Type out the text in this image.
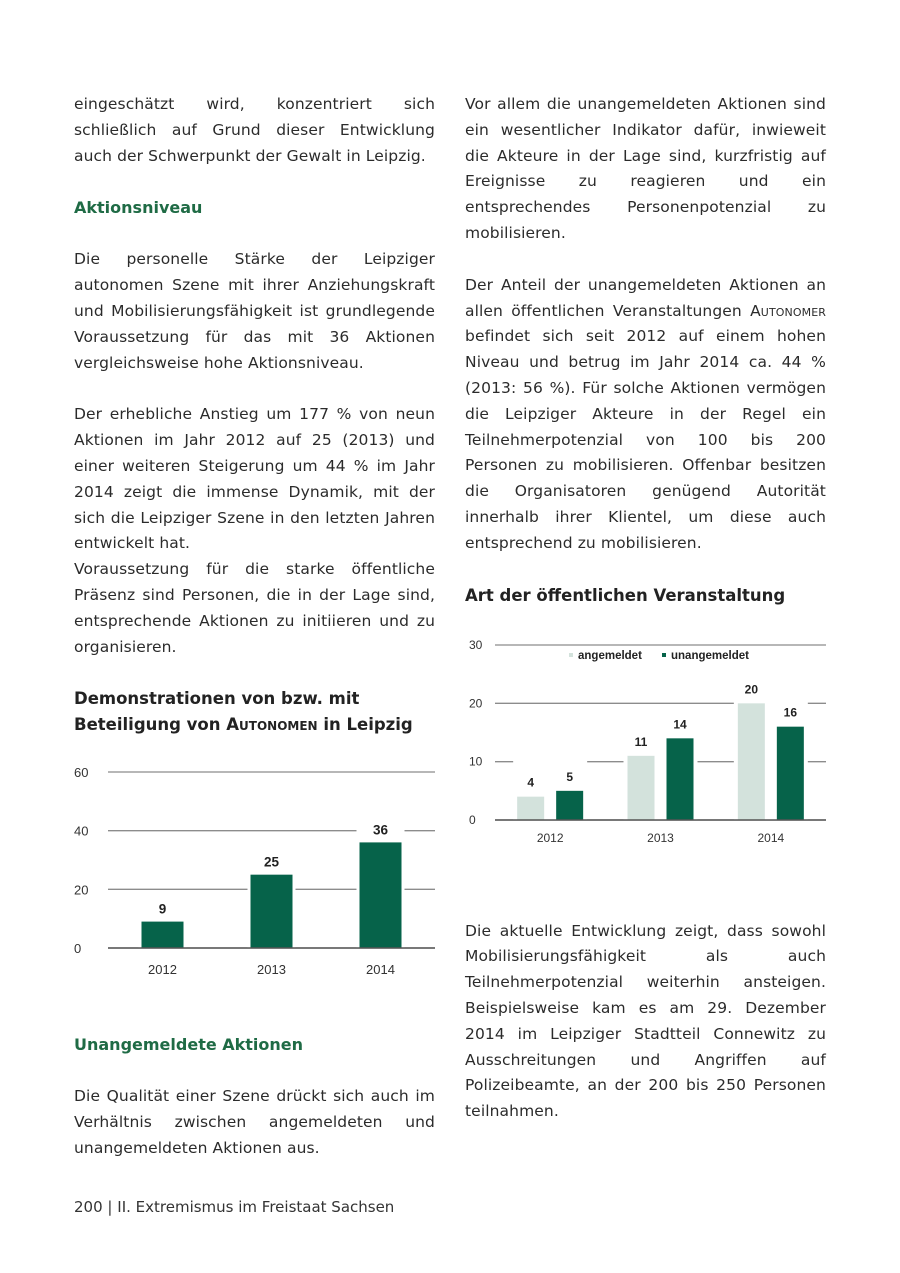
eingeschätzt wird, konzentriert sich schließlich auf Grund dieser Entwicklung auch der Schwerpunkt der Gewalt in Leipzig.

Aktionsniveau

Die personelle Stärke der Leipziger autonomen Szene mit ihrer Anziehungskraft und Mobilisierungsfähigkeit ist grundlegende Voraussetzung für das mit 36 Aktionen vergleichsweise hohe Aktionsniveau.

Der erhebliche Anstieg um 177 % von neun Aktionen im Jahr 2012 auf 25 (2013) und einer weiteren Steigerung um 44 % im Jahr 2014 zeigt die immense Dynamik, mit der sich die Leipziger Szene in den letzten Jahren entwickelt hat.

Voraussetzung für die starke öffentliche Präsenz sind Personen, die in der Lage sind, entsprechende Aktionen zu initiieren und zu organisieren.

Demonstrationen von bzw. mit Beteiligung von Autonomen in Leipzig

0
20
40
60
9
2012
25
2013
36
2014

Unangemeldete Aktionen

Die Qualität einer Szene drückt sich auch im Verhältnis zwischen angemeldeten und unangemeldeten Aktionen aus.

Vor allem die unangemeldeten Aktionen sind ein wesentlicher Indikator dafür, inwieweit die Akteure in der Lage sind, kurzfristig auf Ereignisse zu reagieren und ein entsprechendes Personenpotenzial zu mobilisieren.

Der Anteil der unangemeldeten Aktionen an allen öffentlichen Veranstaltungen Autonomer befindet sich seit 2012 auf einem hohen Niveau und betrug im Jahr 2014 ca. 44 % (2013: 56 %). Für solche Aktionen vermögen die Leipziger Akteure in der Regel ein Teilnehmerpotenzial von 100 bis 200 Personen zu mobilisieren. Offenbar besitzen die Organisatoren genügend Autorität innerhalb ihrer Klientel, um diese auch entsprechend zu mobilisieren.

Art der öffentlichen Veranstaltung

0
10
20
30
angemeldet	unangemeldet
4	5
2012
11
14
2013
20
16
2014

Die aktuelle Entwicklung zeigt, dass sowohl Mobilisierungsfähigkeit als auch Teilnehmerpotenzial weiterhin ansteigen. Beispielsweise kam es am 29. Dezember 2014 im Leipziger Stadtteil Connewitz zu Ausschreitungen und Angriffen auf Polizeibeamte, an der 200 bis 250 Personen teilnahmen.

200 | II. Extremismus im Freistaat Sachsen
